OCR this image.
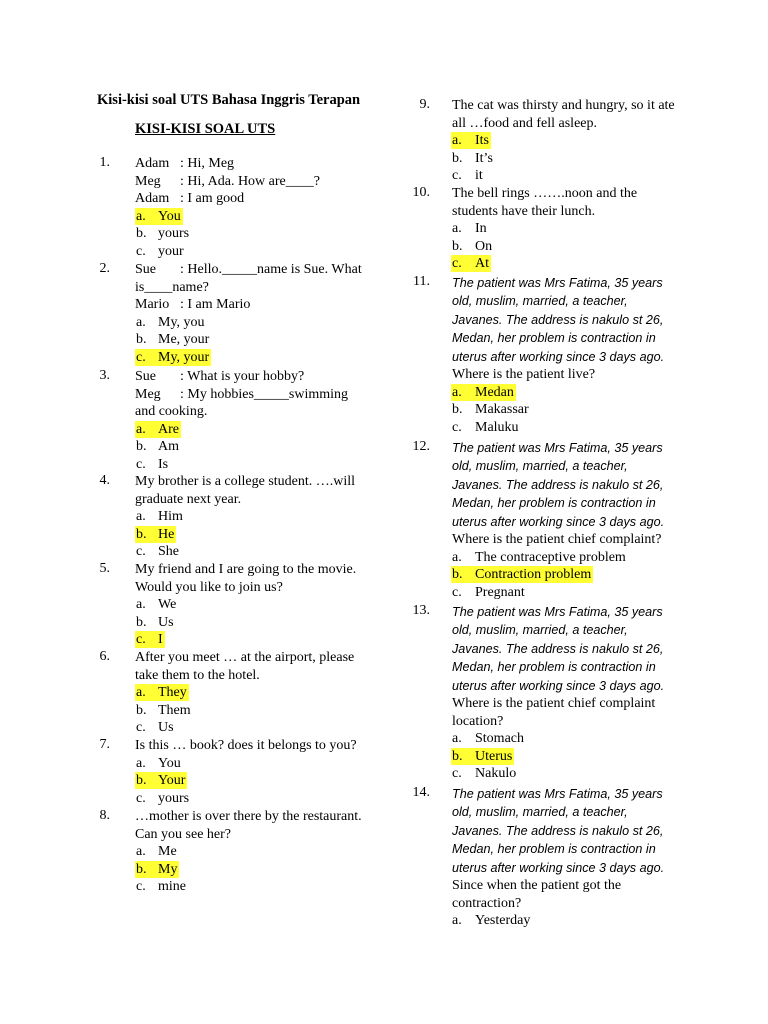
Kisi-kisi soal UTS Bahasa Inggris Terapan
KISI-KISI SOAL UTS
1. Adam : Hi, Meg
Meg : Hi, Ada. How are____?
Adam : I am good
a. You
b. yours
c. your
2. Sue : Hello._____name is Sue. What
is____name?
Mario : I am Mario
a. My, you
b. Me, your
c. My, your
3. Sue : What is your hobby?
Meg : My hobbies_____swimming
and cooking.
a. Are
b. Am
c. Is
4. My brother is a college student. ….will
graduate next year.
a. Him
b. He
c. She
5. My friend and I are going to the movie.
Would you like to join us?
a. We
b. Us
c. I
6. After you meet … at the airport, please
take them to the hotel.
a. They
b. Them
c. Us
7. Is this … book? does it belongs to you?
a. You
b. Your
c. yours
8. …mother is over there by the restaurant.
Can you see her?
a. Me
b. My
c. mine
9. The cat was thirsty and hungry, so it ate
all …food and fell asleep.
a. Its
b. It’s
c. it
10. The bell rings …….noon and the
students have their lunch.
a. In
b. On
c. At
11. The patient was Mrs Fatima, 35 years
old, muslim, married, a teacher,
Javanes. The address is nakulo st 26,
Medan, her problem is contraction in
uterus after working since 3 days ago.
Where is the patient live?
a. Medan
b. Makassar
c. Maluku
12. The patient was Mrs Fatima, 35 years
old, muslim, married, a teacher,
Javanes. The address is nakulo st 26,
Medan, her problem is contraction in
uterus after working since 3 days ago.
Where is the patient chief complaint?
a. The contraceptive problem
b. Contraction problem
c. Pregnant
13. The patient was Mrs Fatima, 35 years
old, muslim, married, a teacher,
Javanes. The address is nakulo st 26,
Medan, her problem is contraction in
uterus after working since 3 days ago.
Where is the patient chief complaint
location?
a. Stomach
b. Uterus
c. Nakulo
14. The patient was Mrs Fatima, 35 years
old, muslim, married, a teacher,
Javanes. The address is nakulo st 26,
Medan, her problem is contraction in
uterus after working since 3 days ago.
Since when the patient got the
contraction?
a. Yesterday
